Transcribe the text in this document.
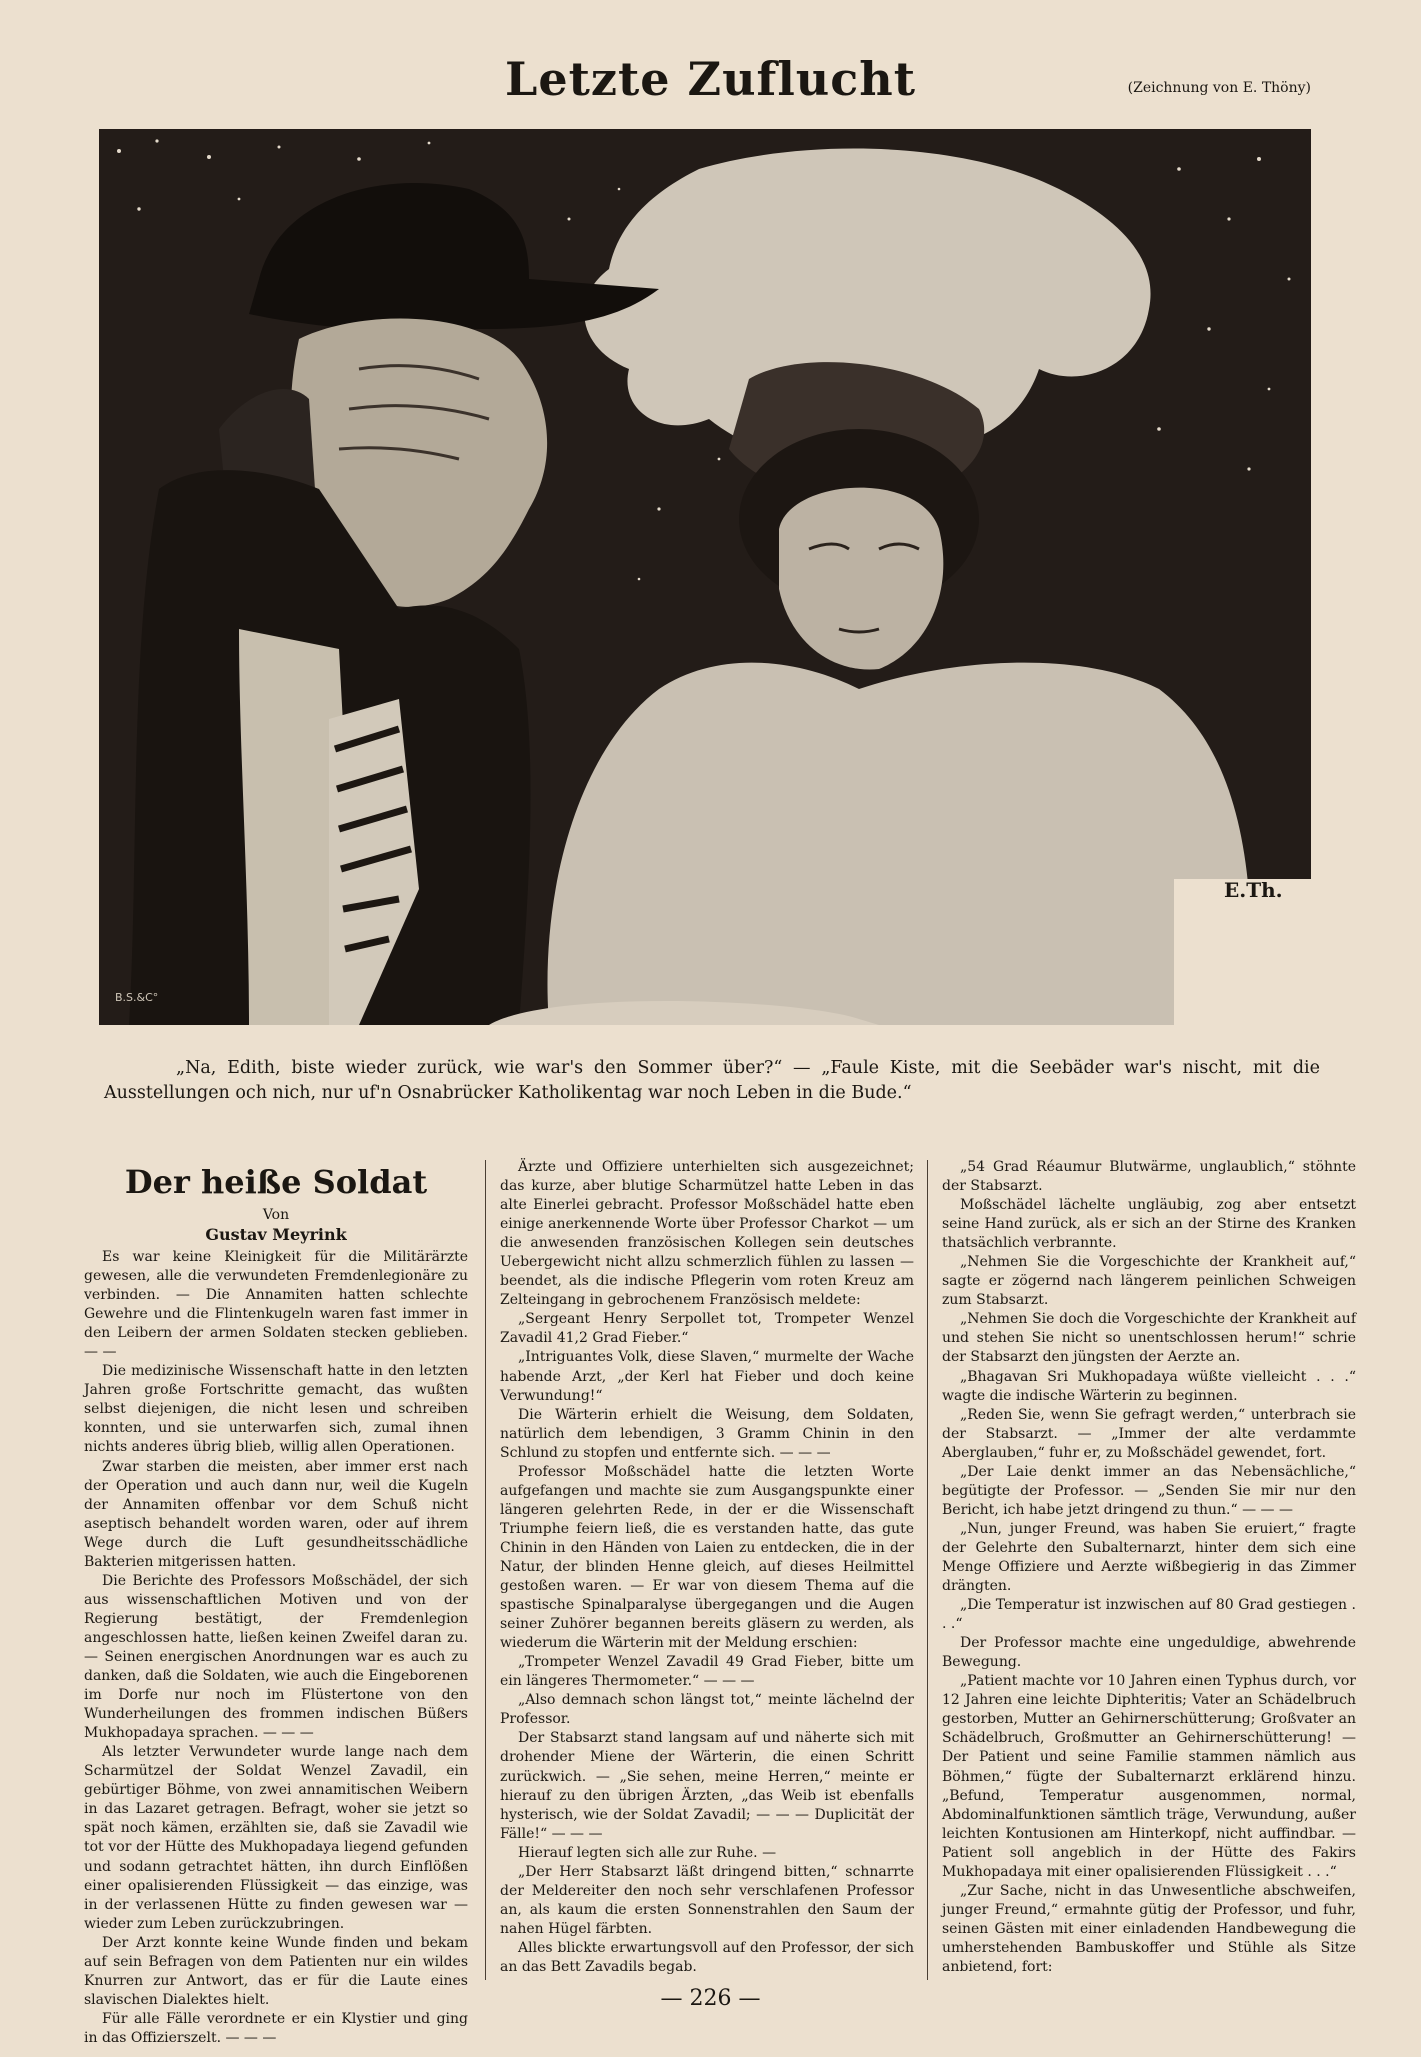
Letzte Zuflucht	(Zeichnung von E. Thöny)
E.Th.
B.S.&C°
„Na, Edith, biste wieder zurück, wie war's den Sommer über?“ — „Faule Kiste, mit die Seebäder war's nischt, mit die Ausstellungen och nich, nur uf'n Osnabrücker Katholikentag war noch Leben in die Bude.“
Der heiße Soldat
Von
Gustav Meyrink

Es war keine Kleinigkeit für die Militärärzte gewesen, alle die verwundeten Fremdenlegionäre zu verbinden. — Die Annamiten hatten schlechte Gewehre und die Flintenkugeln waren fast immer in den Leibern der armen Soldaten stecken geblieben. — —

Die medizinische Wissenschaft hatte in den letzten Jahren große Fortschritte gemacht, das wußten selbst diejenigen, die nicht lesen und schreiben konnten, und sie unterwarfen sich, zumal ihnen nichts anderes übrig blieb, willig allen Operationen.

Zwar starben die meisten, aber immer erst nach der Operation und auch dann nur, weil die Kugeln der Annamiten offenbar vor dem Schuß nicht aseptisch behandelt worden waren, oder auf ihrem Wege durch die Luft gesundheitsschädliche Bakterien mitgerissen hatten.

Die Berichte des Professors Moßschädel, der sich aus wissenschaftlichen Motiven und von der Regierung bestätigt, der Fremdenlegion angeschlossen hatte, ließen keinen Zweifel daran zu. — Seinen energischen Anordnungen war es auch zu danken, daß die Soldaten, wie auch die Eingeborenen im Dorfe nur noch im Flüstertone von den Wunderheilungen des frommen indischen Büßers Mukhopadaya sprachen. — — —

Als letzter Verwundeter wurde lange nach dem Scharmützel der Soldat Wenzel Zavadil, ein gebürtiger Böhme, von zwei annamitischen Weibern in das Lazaret getragen. Befragt, woher sie jetzt so spät noch kämen, erzählten sie, daß sie Zavadil wie tot vor der Hütte des Mukhopadaya liegend gefunden und sodann getrachtet hätten, ihn durch Einflößen einer opalisierenden Flüssigkeit — das einzige, was in der verlassenen Hütte zu finden gewesen war — wieder zum Leben zurückzubringen.

Der Arzt konnte keine Wunde finden und bekam auf sein Befragen von dem Patienten nur ein wildes Knurren zur Antwort, das er für die Laute eines slavischen Dialektes hielt.

Für alle Fälle verordnete er ein Klystier und ging in das Offizierszelt. — — —

Ärzte und Offiziere unterhielten sich ausgezeichnet; das kurze, aber blutige Scharmützel hatte Leben in das alte Einerlei gebracht. Professor Moßschädel hatte eben einige anerkennende Worte über Professor Charkot — um die anwesenden französischen Kollegen sein deutsches Uebergewicht nicht allzu schmerzlich fühlen zu lassen — beendet, als die indische Pflegerin vom roten Kreuz am Zelteingang in gebrochenem Französisch meldete:

„Sergeant Henry Serpollet tot, Trompeter Wenzel Zavadil 41,2 Grad Fieber.“

„Intriguantes Volk, diese Slaven,“ murmelte der Wache habende Arzt, „der Kerl hat Fieber und doch keine Verwundung!“

Die Wärterin erhielt die Weisung, dem Soldaten, natürlich dem lebendigen, 3 Gramm Chinin in den Schlund zu stopfen und entfernte sich. — — —

Professor Moßschädel hatte die letzten Worte aufgefangen und machte sie zum Ausgangspunkte einer längeren gelehrten Rede, in der er die Wissenschaft Triumphe feiern ließ, die es verstanden hatte, das gute Chinin in den Händen von Laien zu entdecken, die in der Natur, der blinden Henne gleich, auf dieses Heilmittel gestoßen waren. — Er war von diesem Thema auf die spastische Spinalparalyse übergegangen und die Augen seiner Zuhörer begannen bereits gläsern zu werden, als wiederum die Wärterin mit der Meldung erschien:

„Trompeter Wenzel Zavadil 49 Grad Fieber, bitte um ein längeres Thermometer.“ — — —

„Also demnach schon längst tot,“ meinte lächelnd der Professor.

Der Stabsarzt stand langsam auf und näherte sich mit drohender Miene der Wärterin, die einen Schritt zurückwich. — „Sie sehen, meine Herren,“ meinte er hierauf zu den übrigen Ärzten, „das Weib ist ebenfalls hysterisch, wie der Soldat Zavadil; — — — Duplicität der Fälle!“ — — —

Hierauf legten sich alle zur Ruhe. —

„Der Herr Stabsarzt läßt dringend bitten,“ schnarrte der Meldereiter den noch sehr verschlafenen Professor an, als kaum die ersten Sonnenstrahlen den Saum der nahen Hügel färbten.

Alles blickte erwartungsvoll auf den Professor, der sich an das Bett Zavadils begab.

„54 Grad Réaumur Blutwärme, unglaublich,“ stöhnte der Stabsarzt.

Moßschädel lächelte ungläubig, zog aber entsetzt seine Hand zurück, als er sich an der Stirne des Kranken thatsächlich verbrannte.

„Nehmen Sie die Vorgeschichte der Krankheit auf,“ sagte er zögernd nach längerem peinlichen Schweigen zum Stabsarzt.

„Nehmen Sie doch die Vorgeschichte der Krankheit auf und stehen Sie nicht so unentschlossen herum!“ schrie der Stabsarzt den jüngsten der Aerzte an.

„Bhagavan Sri Mukhopadaya wüßte vielleicht . . .“ wagte die indische Wärterin zu beginnen.

„Reden Sie, wenn Sie gefragt werden,“ unterbrach sie der Stabsarzt. — „Immer der alte verdammte Aberglauben,“ fuhr er, zu Moßschädel gewendet, fort.

„Der Laie denkt immer an das Nebensächliche,“ begütigte der Professor. — „Senden Sie mir nur den Bericht, ich habe jetzt dringend zu thun.“ — — —

„Nun, junger Freund, was haben Sie eruiert,“ fragte der Gelehrte den Subalternarzt, hinter dem sich eine Menge Offiziere und Aerzte wißbegierig in das Zimmer drängten.

„Die Temperatur ist inzwischen auf 80 Grad gestiegen . . .“

Der Professor machte eine ungeduldige, abwehrende Bewegung.

„Patient machte vor 10 Jahren einen Typhus durch, vor 12 Jahren eine leichte Diphteritis; Vater an Schädelbruch gestorben, Mutter an Gehirnerschütterung; Großvater an Schädelbruch, Großmutter an Gehirnerschütterung! — Der Patient und seine Familie stammen nämlich aus Böhmen,“ fügte der Subalternarzt erklärend hinzu. „Befund, Temperatur ausgenommen, normal, Abdominalfunktionen sämtlich träge, Verwundung, außer leichten Kontusionen am Hinterkopf, nicht auffindbar. — Patient soll angeblich in der Hütte des Fakirs Mukhopadaya mit einer opalisierenden Flüssigkeit . . .“

„Zur Sache, nicht in das Unwesentliche abschweifen, junger Freund,“ ermahnte gütig der Professor, und fuhr, seinen Gästen mit einer einladenden Handbewegung die umherstehenden Bambuskoffer und Stühle als Sitze anbietend, fort:

— 226 —
